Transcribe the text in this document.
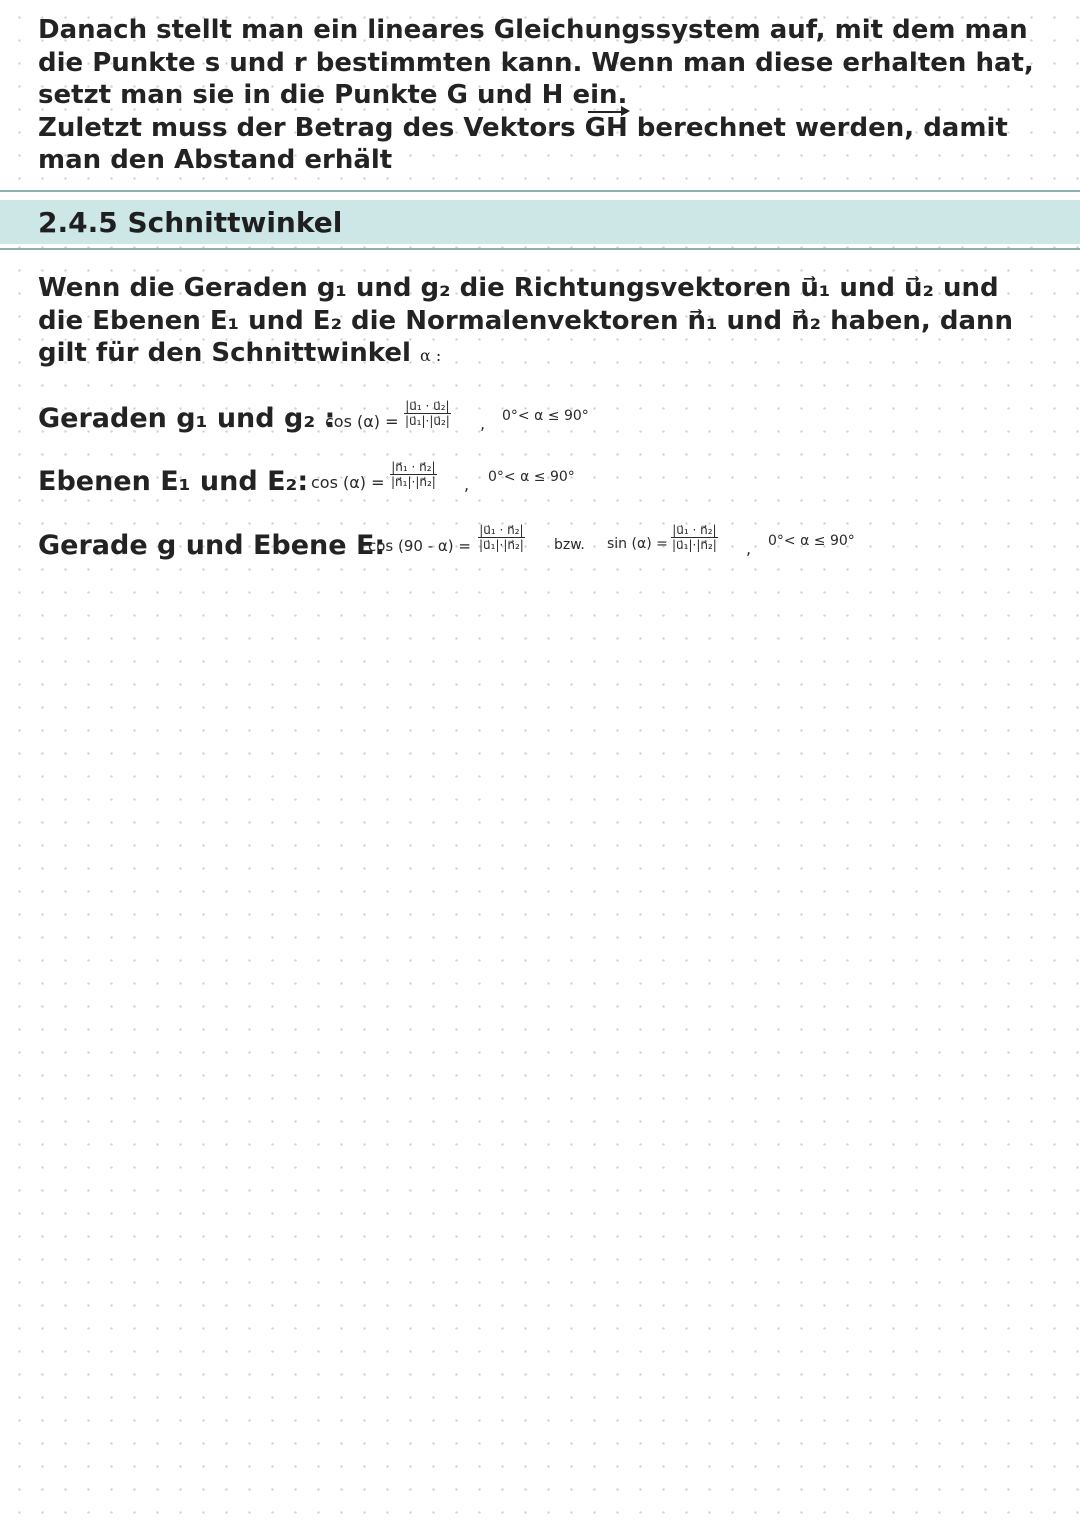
Danach stellt man ein lineares Gleichungssystem auf, mit dem man die Punkte s und r bestimmten kann. Wenn man diese erhalten hat, setzt man sie in die Punkte G und H ein.

Zuletzt muss der Betrag des Vektors GH berechnet werden, damit man den Abstand erhält

2.4.5 Schnittwinkel

Wenn die Geraden g₁ und g₂ die Richtungsvektoren u⃗₁ und u⃗₂ und die Ebenen E₁ und E₂ die Normalenvektoren n⃗₁ und n⃗₂ haben, dann gilt für den Schnittwinkel α :

Geraden g₁ und g₂ :
$\cos (\alpha) = \frac{\text{|u⃗₁ · u⃗₂|}}{\text{|u⃗₁|·|u⃗₂|}}$ , 0°< α ≤ 90°
Ebenen E₁ und E₂: $\cos (\alpha) = \frac{\text{|n⃗₁ · n⃗₂|}}{\text{|n⃗₁|·|n⃗₂|}}$ , 0°< α ≤ 90°
Gerade g und Ebene E:
$\cos (90 - \alpha) = \frac{\text{|u⃗₁ · n⃗₂|}}{\text{|u⃗₁|·|n⃗₂|}}$ bzw. $\sin (\alpha) = \frac{\text{|u⃗₁ · n⃗₂|}}{\text{|u⃗₁|·|n⃗₂|}}$ , 0°< α ≤ 90°
